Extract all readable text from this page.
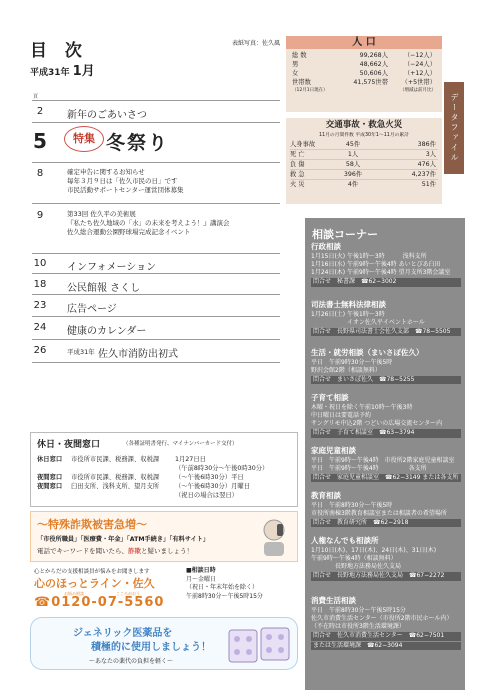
目 次
平成31年 1月
表紙写真：佐久風
頁
2	新年のごあいさつ
5	特集 冬祭り
8	確定申告に関するお知らせ
毎年３月９日は「佐久市民の日」です
市民活動サポートセンター運営団体募集
9	第33回 佐久平の美術展
『私たち佐久地域の「水」の未来を考えよう！』講演会
佐久総合運動公園野球場完成記念イベント
10	インフォメーション
18	公民館報 さくし
23	広告ページ
24	健康のカレンダー
26	平成31年 佐久市消防出初式
人 口
総 数	99,268人	（−12人）
男	48,662人	（−24人）
女	50,606人	（+12人）
世帯数	41,575世帯	（+5世帯）
（12月1日現在）	（増減は前月比）
データファイル
交通事故・救急火災
11月の月間件数 平成30年1～11月の累計
人身事故	45件	386件
死 亡	1人	3人
負 傷	58人	476人
救 急	396件	4,237件
火 災	4件	51件
相談コーナー
行政相談
1月15日(火) 午後1時～3時　　　浅科支所
1月16日(水) 午前9時～午後4時 あいとぴあ臼田
1月24日(木) 午前9時～午後4時 望月支所3階会議室
問合せ　秘書課　☎62−3002
司法書士無料法律相談
1月26日(土) 午後1時～3時
　　　　　　イオン佐久平イベントホール
問合せ　長野県司法書士会佐久支部　☎78−5505
生活・就労相談（まいさぽ佐久）
平日　午前9時30分～午後5時
野沢会館2階（相談無料）
問合せ　まいさぽ佐久　☎78−5255
子育て相談
木曜・祝日を除く午前10時～午後3時
中日曜日は要電話予約
サングリモ中込2階 つどいの広場交流センター内
問合せ　子育て相談室　☎63−3794
家庭児童相談
平日　午前9時～午後4時　市役所2階家庭児童相談室
平日　午前9時～午後4時　　　　　各支所
問合せ　家庭児童相談室　☎62−3149 または各支所
教育相談
平日　午前8時30分～午後5時
市役所南棟3階教育相談室または相談者の希望場所
問合せ　教育研究所　☎62−2918
人権なんでも相談所
1月10日(木)、17日(木)、24日(木)、31日(木)
午前9時～午後4時（相談無料）
　　　　長野地方法務局佐久支局
問合せ　長野地方法務局佐久支局　☎67−2272
消費生活相談
平日　午前8時30分～午後5時15分
佐久市消費生活センター（市役所2階市民ホール内）
（不在時は市役所3階生活環境課）
問合せ　佐久市消費生活センター　☎62−7501
または生活環境課　☎62−3094
休日・夜間窓口	（各種証明書発行、マイナンバーカード交付）
休日窓口	市役所市民課、税務課、収税課	1月27日日
（午前8時30分～午後0時30分）
夜間窓口	市役所市民課、税務課、収税課	（～午後6時30分）平日
夜間窓口	臼田支所、浅科支所、望月支所	（～午後6時30分）月曜日
（祝日の場合は翌日）
〜特殊詐欺被害急増〜
「市役所職員」「医療費・年金」「ATM手続き」「有料サイト」
電話でキーワードを聞いたら、詐欺と疑いましょう！
心とからだの支援相談員が悩みをお聞きします
心のほっとライン・佐久
お悩み相談	こころがおう
☎0120-07-5560
■相談日時
月～金曜日
（祝日・年末年始を除く）
午前8時30分～午後5時15分
ジェネリック医薬品を
積極的に使用しましょう！
〜あなたの薬代の負担を軽く〜
